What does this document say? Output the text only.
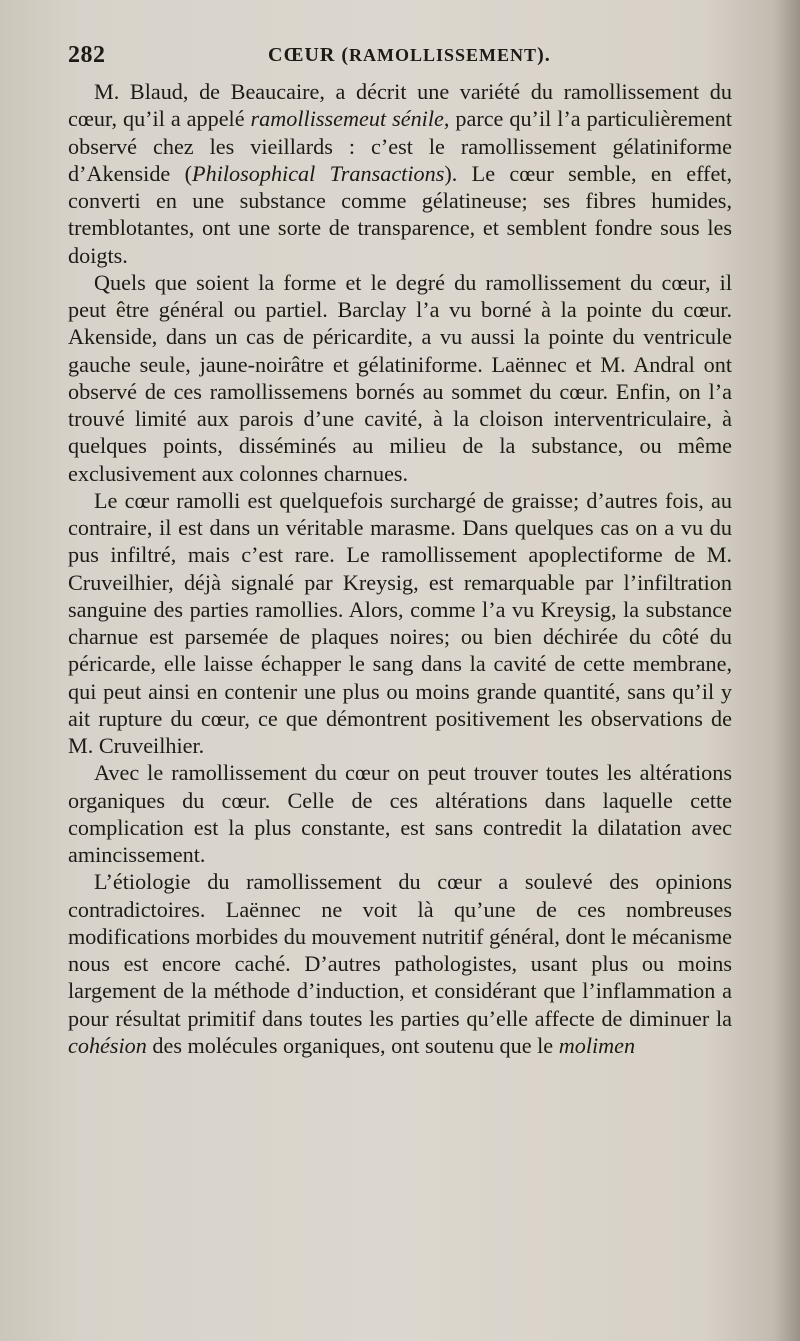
282	CŒUR (RAMOLLISSEMENT).

M. Blaud, de Beaucaire, a décrit une variété du ramollissement du cœur, qu’il a appelé ramollissemeut sénile, parce qu’il l’a particulièrement observé chez les vieillards : c’est le ramollissement gélatiniforme d’Akenside (Philosophical Transactions). Le cœur semble, en effet, converti en une substance comme gélatineuse; ses fibres humides, tremblotantes, ont une sorte de transparence, et semblent fondre sous les doigts.

Quels que soient la forme et le degré du ramollissement du cœur, il peut être général ou partiel. Barclay l’a vu borné à la pointe du cœur. Akenside, dans un cas de péricardite, a vu aussi la pointe du ventricule gauche seule, jaune-noirâtre et gélatiniforme. Laënnec et M. Andral ont observé de ces ramollissemens bornés au sommet du cœur. Enfin, on l’a trouvé limité aux parois d’une cavité, à la cloison interventriculaire, à quelques points, disséminés au milieu de la substance, ou même exclusivement aux colonnes charnues.

Le cœur ramolli est quelquefois surchargé de graisse; d’autres fois, au contraire, il est dans un véritable marasme. Dans quelques cas on a vu du pus infiltré, mais c’est rare. Le ramollissement apoplectiforme de M. Cruveilhier, déjà signalé par Kreysig, est remarquable par l’infiltration sanguine des parties ramollies. Alors, comme l’a vu Kreysig, la substance charnue est parsemée de plaques noires; ou bien déchirée du côté du péricarde, elle laisse échapper le sang dans la cavité de cette membrane, qui peut ainsi en contenir une plus ou moins grande quantité, sans qu’il y ait rupture du cœur, ce que démontrent positivement les observations de M. Cruveilhier.

Avec le ramollissement du cœur on peut trouver toutes les altérations organiques du cœur. Celle de ces altérations dans laquelle cette complication est la plus constante, est sans contredit la dilatation avec amincissement.

L’étiologie du ramollissement du cœur a soulevé des opinions contradictoires. Laënnec ne voit là qu’une de ces nombreuses modifications morbides du mouvement nutritif général, dont le mécanisme nous est encore caché. D’autres pathologistes, usant plus ou moins largement de la méthode d’induction, et considérant que l’inflammation a pour résultat primitif dans toutes les parties qu’elle affecte de diminuer la cohésion des molécules organiques, ont soutenu que le molimen
